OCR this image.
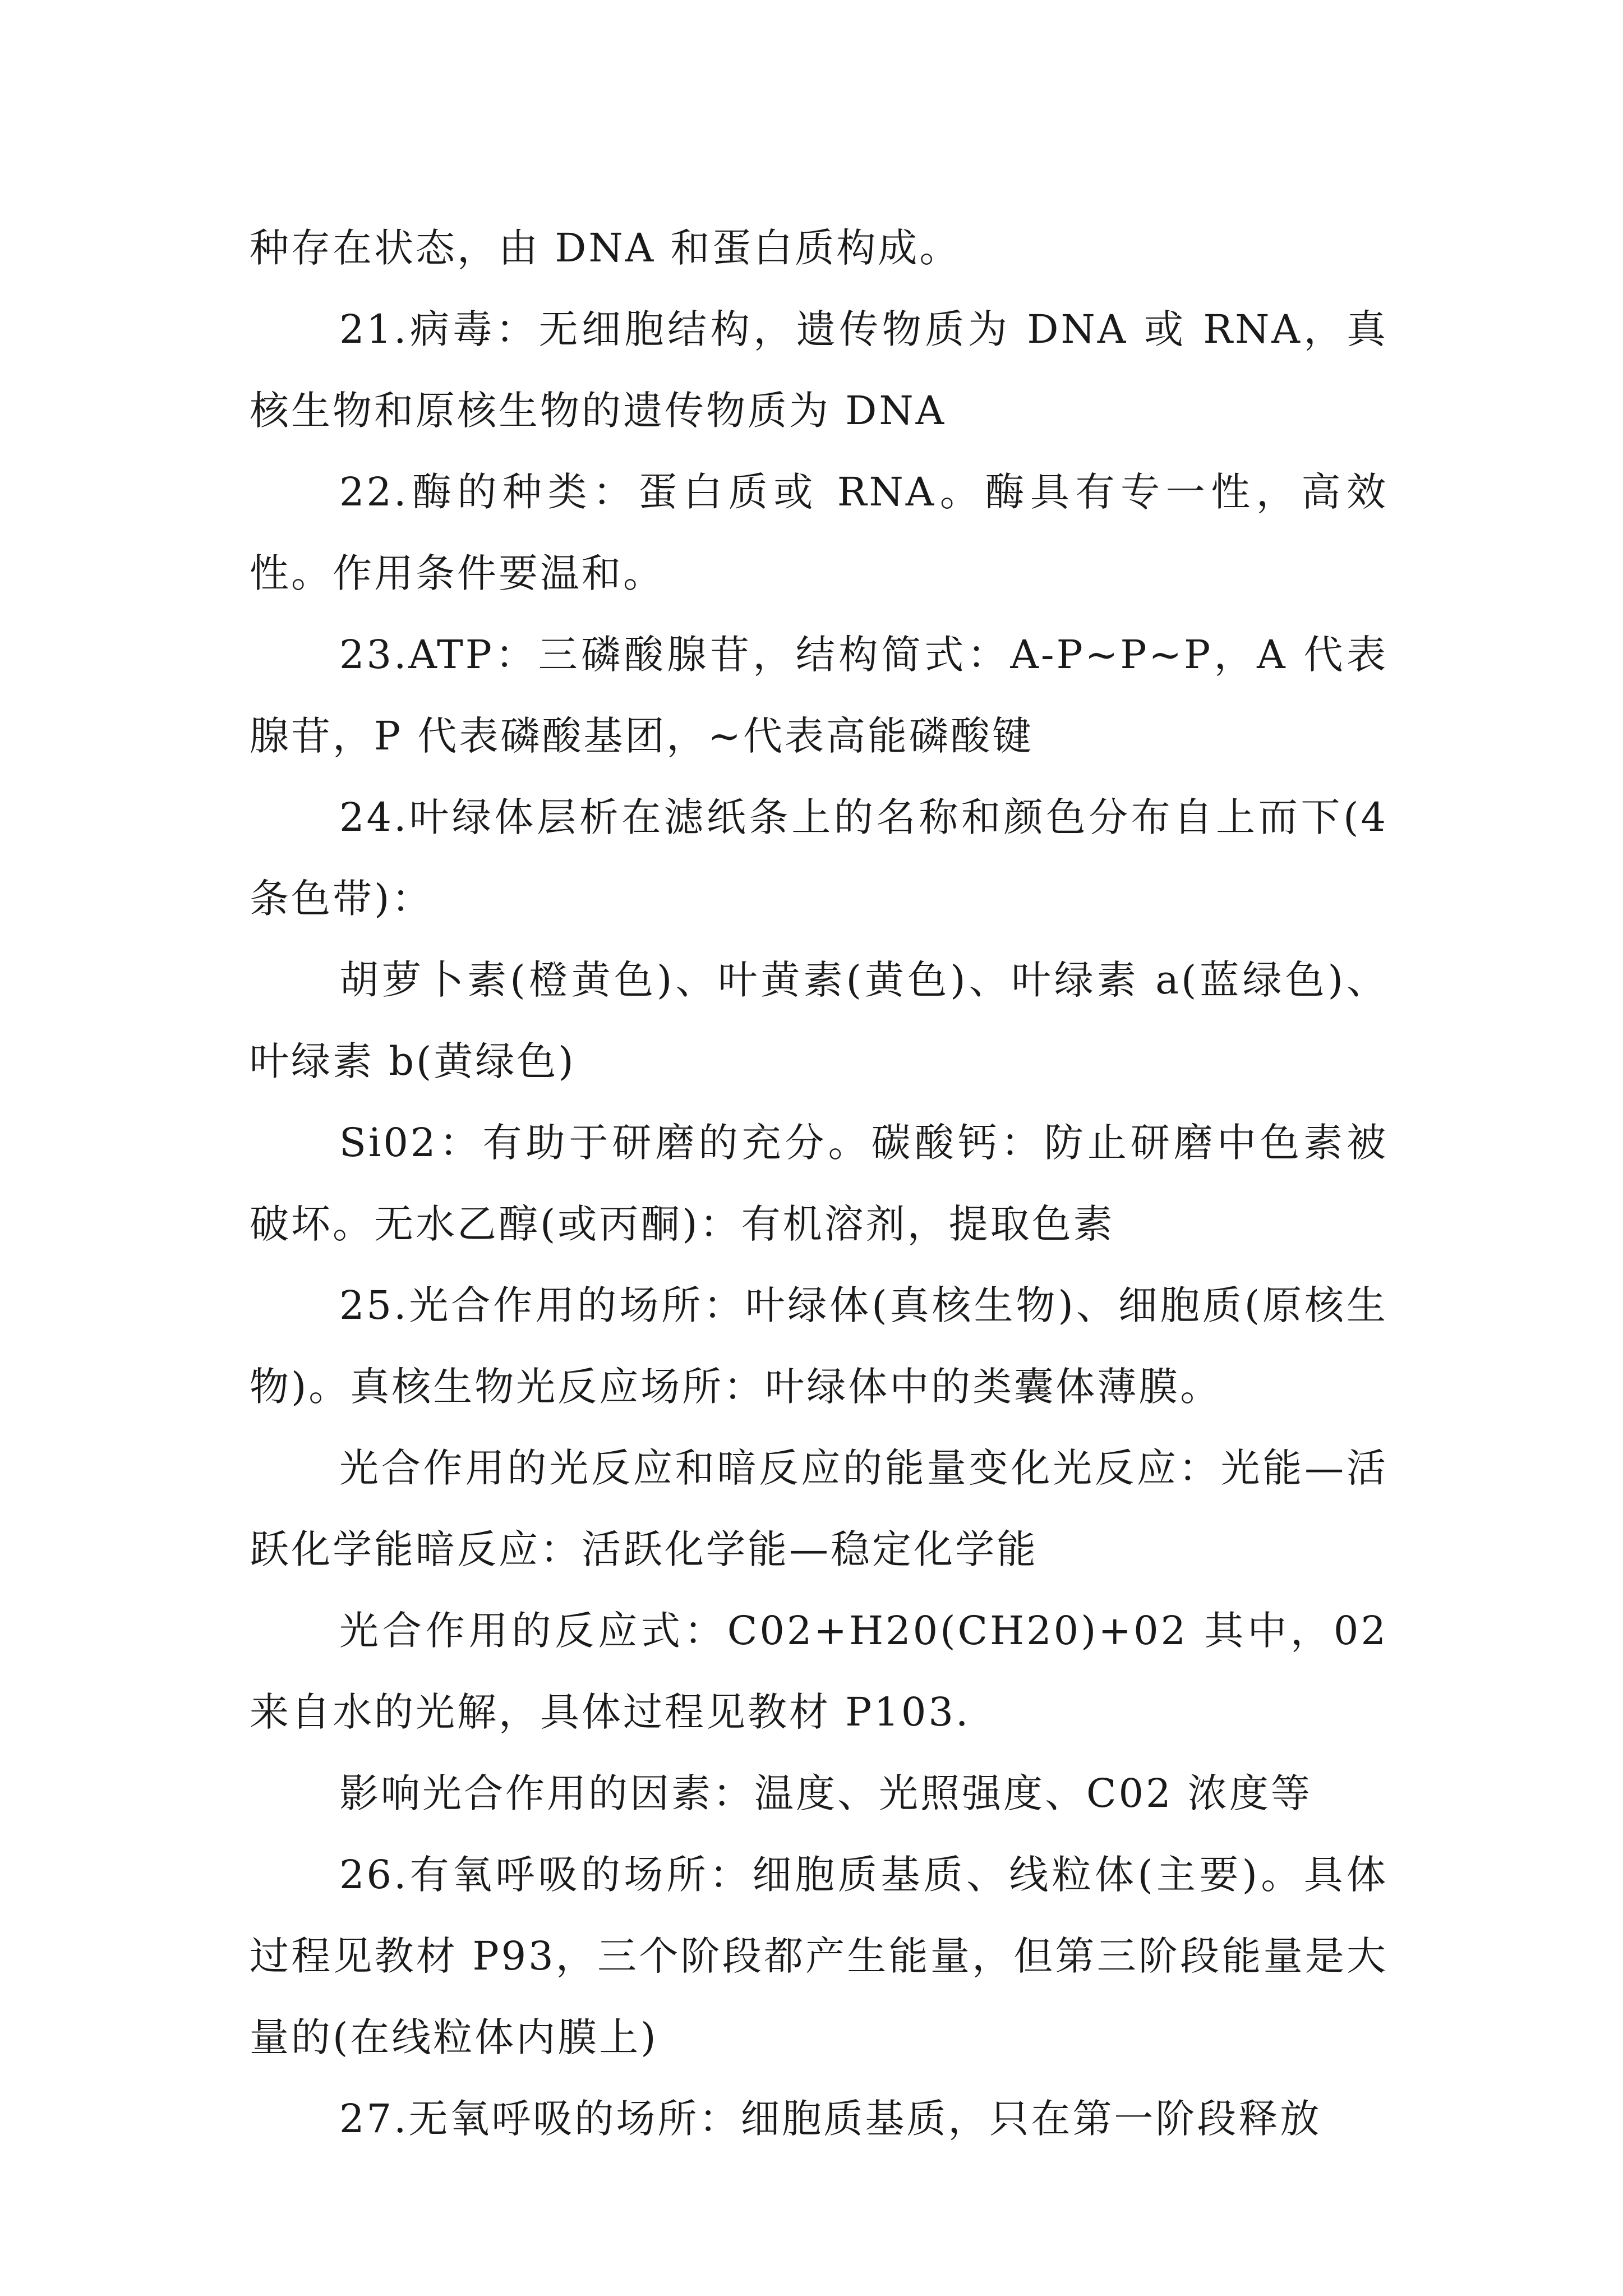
种存在状态，由 DNA 和蛋白质构成。

21.病毒：无细胞结构，遗传物质为 DNA 或 RNA，真核生物和原核生物的遗传物质为 DNA

22.酶的种类：蛋白质或 RNA。酶具有专一性，高效性。作用条件要温和。

23.ATP：三磷酸腺苷，结构简式：A-P~P~P，A 代表腺苷，P 代表磷酸基团，~代表高能磷酸键

24.叶绿体层析在滤纸条上的名称和颜色分布自上而下(4 条色带)：

胡萝卜素(橙黄色)、叶黄素(黄色)、叶绿素 a(蓝绿色)、叶绿素 b(黄绿色)

Si02：有助于研磨的充分。碳酸钙：防止研磨中色素被破坏。无水乙醇(或丙酮)：有机溶剂，提取色素

25.光合作用的场所：叶绿体(真核生物)、细胞质(原核生物)。真核生物光反应场所：叶绿体中的类囊体薄膜。

光合作用的光反应和暗反应的能量变化光反应：光能—活跃化学能暗反应：活跃化学能—稳定化学能

光合作用的反应式：C02+H20(CH20)+02 其中，02 来自水的光解，具体过程见教材 P103.

影响光合作用的因素：温度、光照强度、C02 浓度等

26.有氧呼吸的场所：细胞质基质、线粒体(主要)。具体过程见教材 P93，三个阶段都产生能量，但第三阶段能量是大量的(在线粒体内膜上)

27.无氧呼吸的场所：细胞质基质，只在第一阶段释放
